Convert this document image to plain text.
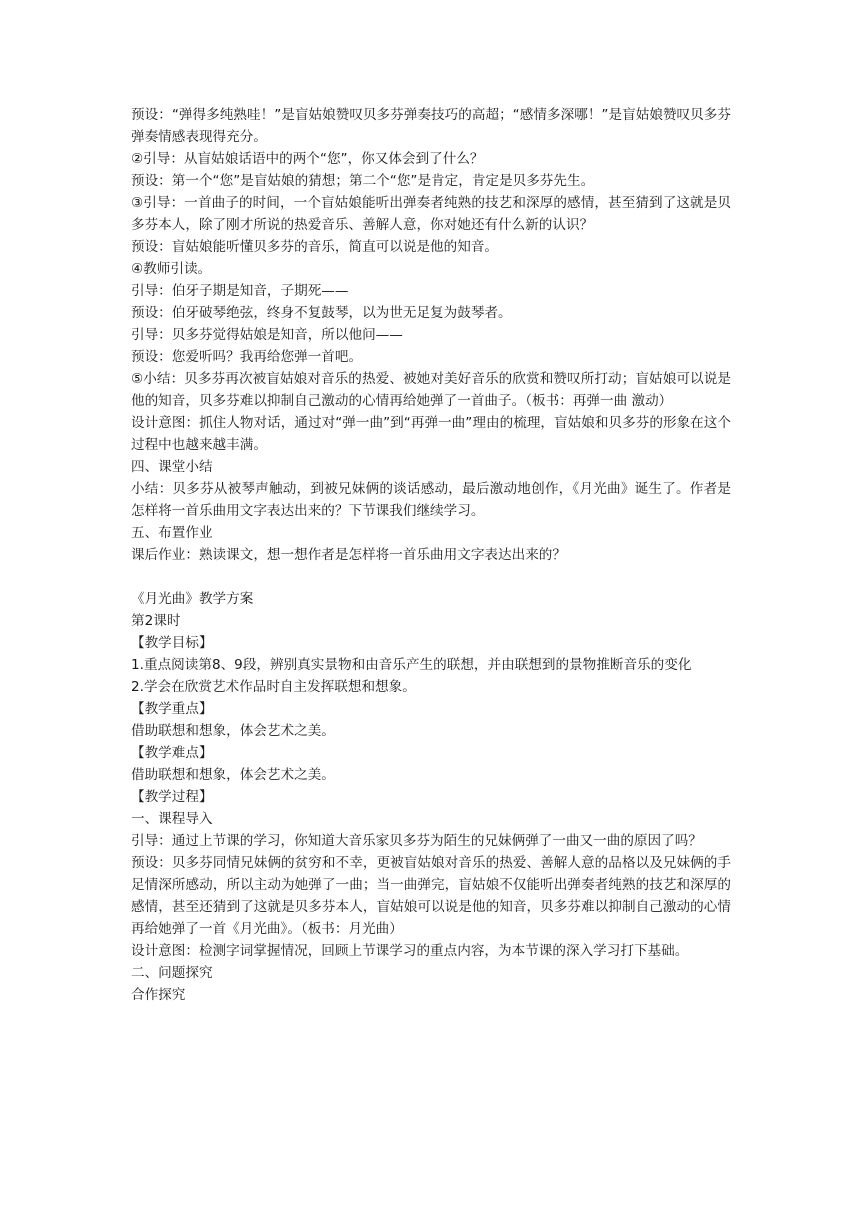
预设：“弹得多纯熟哇！”是盲姑娘赞叹贝多芬弹奏技巧的高超；“感情多深哪！”是盲姑娘赞叹贝多芬弹奏情感表现得充分。

②引导：从盲姑娘话语中的两个“您”，你又体会到了什么？

预设：第一个“您”是盲姑娘的猜想；第二个“您”是肯定，肯定是贝多芬先生。

③引导：一首曲子的时间，一个盲姑娘能听出弹奏者纯熟的技艺和深厚的感情，甚至猜到了这就是贝多芬本人，除了刚才所说的热爱音乐、善解人意，你对她还有什么新的认识？

预设：盲姑娘能听懂贝多芬的音乐，简直可以说是他的知音。

④教师引读。

引导：伯牙子期是知音，子期死——

预设：伯牙破琴绝弦，终身不复鼓琴，以为世无足复为鼓琴者。

引导：贝多芬觉得姑娘是知音，所以他问——

预设：您爱听吗？我再给您弹一首吧。

⑤小结：贝多芬再次被盲姑娘对音乐的热爱、被她对美好音乐的欣赏和赞叹所打动；盲姑娘可以说是他的知音，贝多芬难以抑制自己激动的心情再给她弹了一首曲子。（板书：再弹一曲 激动）

设计意图：抓住人物对话，通过对“弹一曲”到“再弹一曲”理由的梳理，盲姑娘和贝多芬的形象在这个过程中也越来越丰满。

四、课堂小结

小结：贝多芬从被琴声触动，到被兄妹俩的谈话感动，最后激动地创作，《月光曲》诞生了。作者是怎样将一首乐曲用文字表达出来的？下节课我们继续学习。

五、布置作业

课后作业：熟读课文，想一想作者是怎样将一首乐曲用文字表达出来的？

《月光曲》教学方案

第2课时

【教学目标】

1.重点阅读第8、9段，辨别真实景物和由音乐产生的联想，并由联想到的景物推断音乐的变化

2.学会在欣赏艺术作品时自主发挥联想和想象。

【教学重点】

借助联想和想象，体会艺术之美。

【教学难点】

借助联想和想象，体会艺术之美。

【教学过程】

一、课程导入

引导：通过上节课的学习，你知道大音乐家贝多芬为陌生的兄妹俩弹了一曲又一曲的原因了吗？

预设：贝多芬同情兄妹俩的贫穷和不幸，更被盲姑娘对音乐的热爱、善解人意的品格以及兄妹俩的手足情深所感动，所以主动为她弹了一曲；当一曲弹完，盲姑娘不仅能听出弹奏者纯熟的技艺和深厚的感情，甚至还猜到了这就是贝多芬本人，盲姑娘可以说是他的知音，贝多芬难以抑制自己激动的心情再给她弹了一首《月光曲》。（板书：月光曲）

设计意图：检测字词掌握情况，回顾上节课学习的重点内容，为本节课的深入学习打下基础。

二、问题探究

合作探究
